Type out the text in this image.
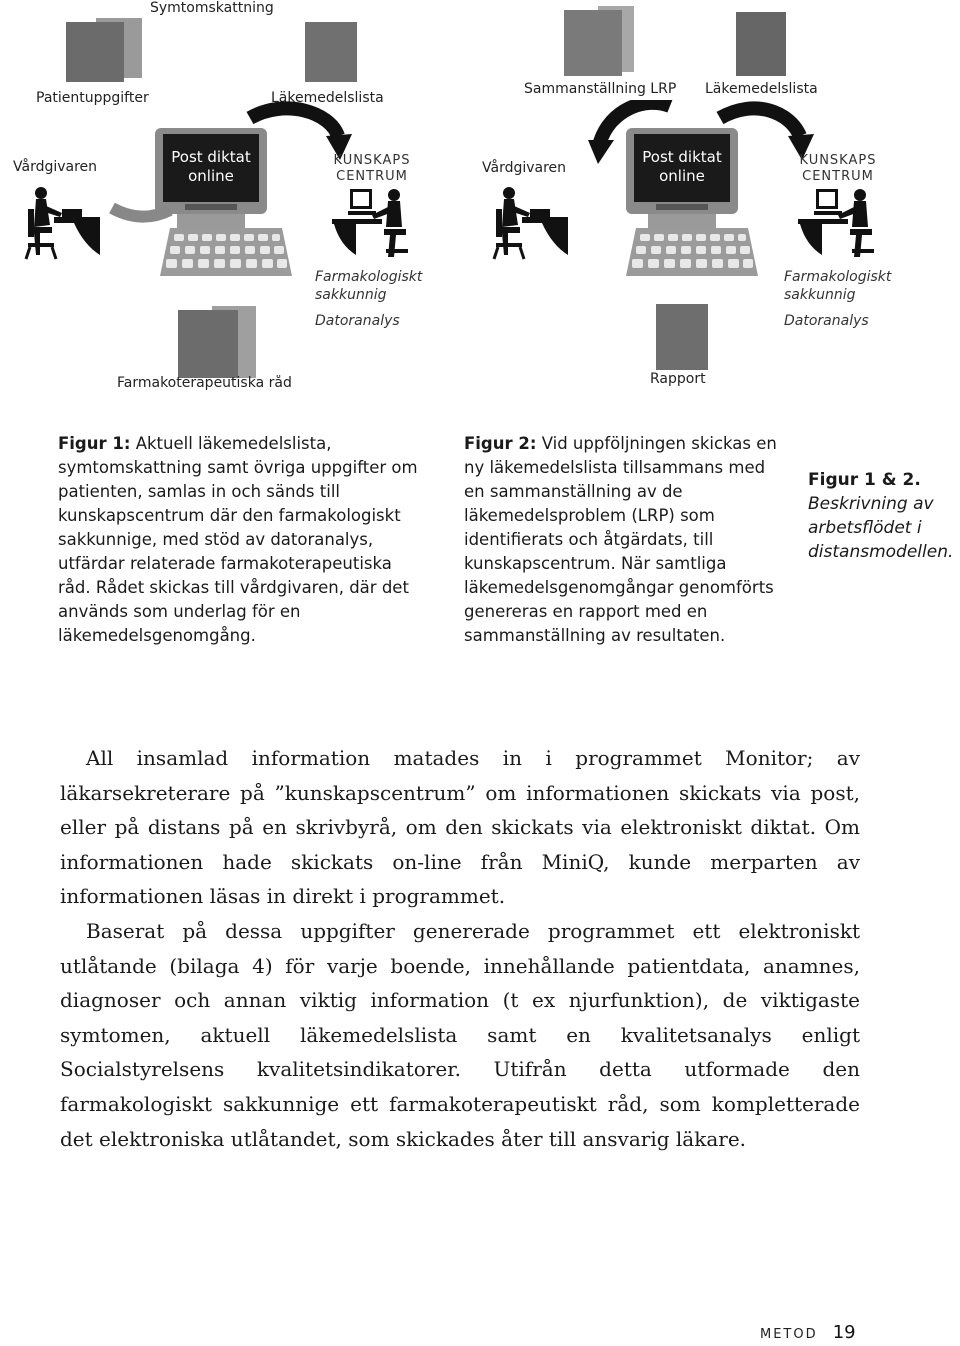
Symtomskattning
Patientuppgifter	Läkemedelslista
Vårdgivaren
Post diktat
online
KUNSKAPS
CENTRUM
Farmakologiskt
sakkunnig
Datoranalys
Farmakoterapeutiska råd
Sammanställning LRP Läkemedelslista
Vårdgivaren
Post diktat
online
KUNSKAPS
CENTRUM
Farmakologiskt
sakkunnig
Datoranalys
Rapport
Figur 1: Aktuell läkemedelslista, symtomskattning samt övriga uppgifter om patienten, samlas in och sänds till kunskapscentrum där den farmakologiskt sakkunnige, med stöd av datoranalys, utfärdar relaterade farmakoterapeutiska råd. Rådet skickas till vårdgivaren, där det används som underlag för en läkemedelsgenomgång.
Figur 2: Vid uppföljningen skickas en ny läkemedelslista tillsammans med en sammanställning av de läkemedelsproblem (LRP) som identifierats och åtgärdats, till kunskapscentrum. När samtliga läkemedelsgenomgångar genomförts genereras en rapport med en sammanställning av resultaten.
Figur 1 & 2.
Beskrivning av arbetsflödet i distansmodellen.

All insamlad information matades in i programmet Monitor; av läkarsekreterare på ”kunskapscentrum” om informationen skickats via post, eller på distans på en skrivbyrå, om den skickats via elektroniskt diktat. Om informationen hade skickats on-line från MiniQ, kunde merparten av informationen läsas in direkt i programmet.

Baserat på dessa uppgifter genererade programmet ett elektroniskt utlåtande (bilaga 4) för varje boende, innehållande patientdata, anamnes, diagnoser och annan viktig information (t ex njurfunktion), de viktigaste symtomen, aktuell läkemedelslista samt en kvalitetsanalys enligt Socialstyrelsens kvalitetsindikatorer. Utifrån detta utformade den farmakologiskt sakkunnige ett farmakoterapeutiskt råd, som kompletterade det elektroniska utlåtandet, som skickades åter till ansvarig läkare.

METOD 19
